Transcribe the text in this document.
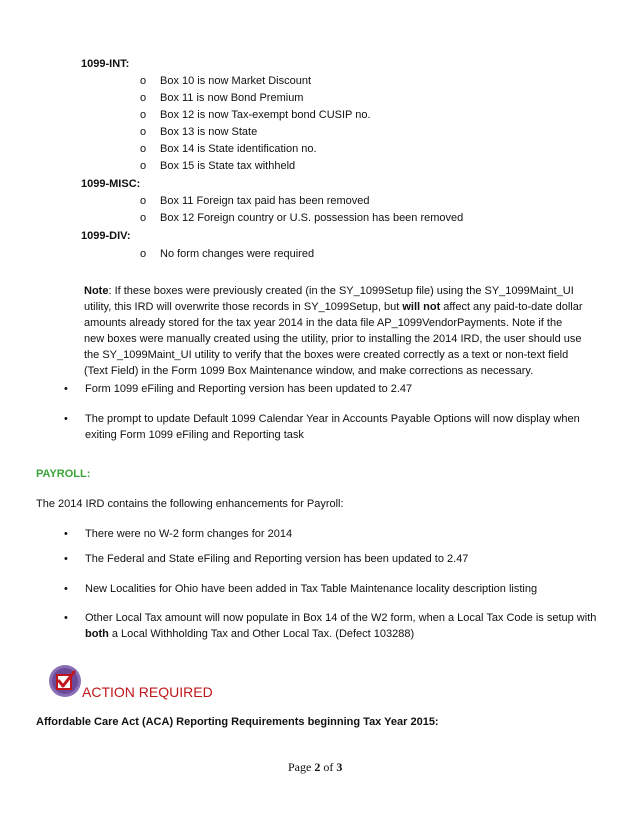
1099-INT:
o Box 10 is now Market Discount
o Box 11 is now Bond Premium
o Box 12 is now Tax-exempt bond CUSIP no.
o Box 13 is now State
o Box 14 is State identification no.
o Box 15 is State tax withheld
1099-MISC:
o Box 11 Foreign tax paid has been removed
o Box 12 Foreign country or U.S. possession has been removed
1099-DIV:
o No form changes were required
Note: If these boxes were previously created (in the SY_1099Setup file) using the SY_1099Maint_UI utility, this IRD will overwrite those records in SY_1099Setup, but will not affect any paid-to-date dollar amounts already stored for the tax year 2014 in the data file AP_1099VendorPayments. Note if the new boxes were manually created using the utility, prior to installing the 2014 IRD, the user should use the SY_1099Maint_UI utility to verify that the boxes were created correctly as a text or non-text field (Text Field) in the Form 1099 Box Maintenance window, and make corrections as necessary.
• Form 1099 eFiling and Reporting version has been updated to 2.47
• The prompt to update Default 1099 Calendar Year in Accounts Payable Options will now display when
exiting Form 1099 eFiling and Reporting task
PAYROLL:
The 2014 IRD contains the following enhancements for Payroll:
• There were no W-2 form changes for 2014
• The Federal and State eFiling and Reporting version has been updated to 2.47
• New Localities for Ohio have been added in Tax Table Maintenance locality description listing
• Other Local Tax amount will now populate in Box 14 of the W2 form, when a Local Tax Code is setup with
both a Local Withholding Tax and Other Local Tax. (Defect 103288)
ACTION REQUIRED
Affordable Care Act (ACA) Reporting Requirements beginning Tax Year 2015:
Page 2 of 3
